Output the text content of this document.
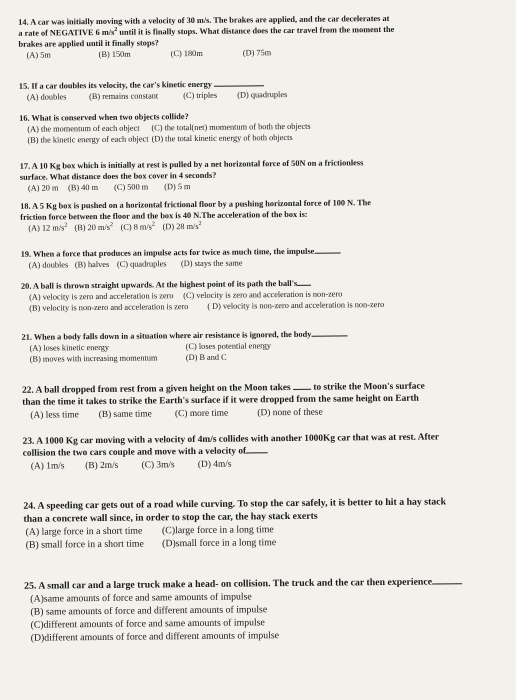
14. A car was initially moving with a velocity of 30 m/s. The brakes are applied, and the car decelerates at
a rate of NEGATIVE 6 $m/s^2$ until it is finally stops. What distance does the car travel from the moment the
brakes are applied until it finally stops?
(A) 5m	(B) 150m	(C) 180m	(D) 75m
15. If a car doubles its velocity, the car's kinetic energy
(A) doubles	(B) remains constant	(C) triples (D) quadruples
16. What is conserved when two objects collide?
(A) the momentum of each object (C) the total(net) momentum of both the objects
(B) the kinetic energy of each object (D) the total kinetic energy of both objects
17. A 10 Kg box which is initially at rest is pulled by a net horizontal force of 50N on a frictionless
surface. What distance does the box cover in 4 seconds?
(A) 20 m (B) 40 m (C) 500 m (D) 5 m
18. A 5 Kg box is pushed on a horizontal frictional floor by a pushing horizontal force of 100 N. The
friction force between the floor and the box is 40 N.The acceleration of the box is:
(A) 12 $m/s^2$ (B) 20 $m/s^2$ (C) 8 $m/s^2$ (D) 28 $m/s^2$
19. When a force that produces an impulse acts for twice as much time, the impulse
(A) doubles (B) halves (C) quadruples (D) stays the same
20. A ball is thrown straight upwards. At the highest point of its path the ball's
(A) velocity is zero and acceleration is zero (C) velocity is zero and acceleration is non-zero
(B) velocity is non-zero and acceleration is zero ( D) velocity is non-zero and acceleration is non-zero
21. When a body falls down in a situation where air resistance is ignored, the body
(A) loses kinetic energy	(C) loses potential energy
(B) moves with increasing momentum	(D) B and C
22. A ball dropped from rest from a given height on the Moon takes to strike the Moon's surface
than the time it takes to strike the Earth's surface if it were dropped from the same height on Earth
(A) less time (B) same time (C) more time	(D) none of these
23. A 1000 Kg car moving with a velocity of 4m/s collides with another 1000Kg car that was at rest. After
collision the two cars couple and move with a velocity of
(A) 1m/s (B) 2m/s (C) 3m/s (D) 4m/s
24. A speeding car gets out of a road while curving. To stop the car safely, it is better to hit a hay stack
than a concrete wall since, in order to stop the car, the hay stack exerts
(A) large force in a short time (C)large force in a long time
(B) small force in a short time (D)small force in a long time
25. A small car and a large truck make a head- on collision. The truck and the car then experience
(A)same amounts of force and same amounts of impulse
(B) same amounts of force and different amounts of impulse
(C)different amounts of force and same amounts of impulse
(D)different amounts of force and different amounts of impulse
